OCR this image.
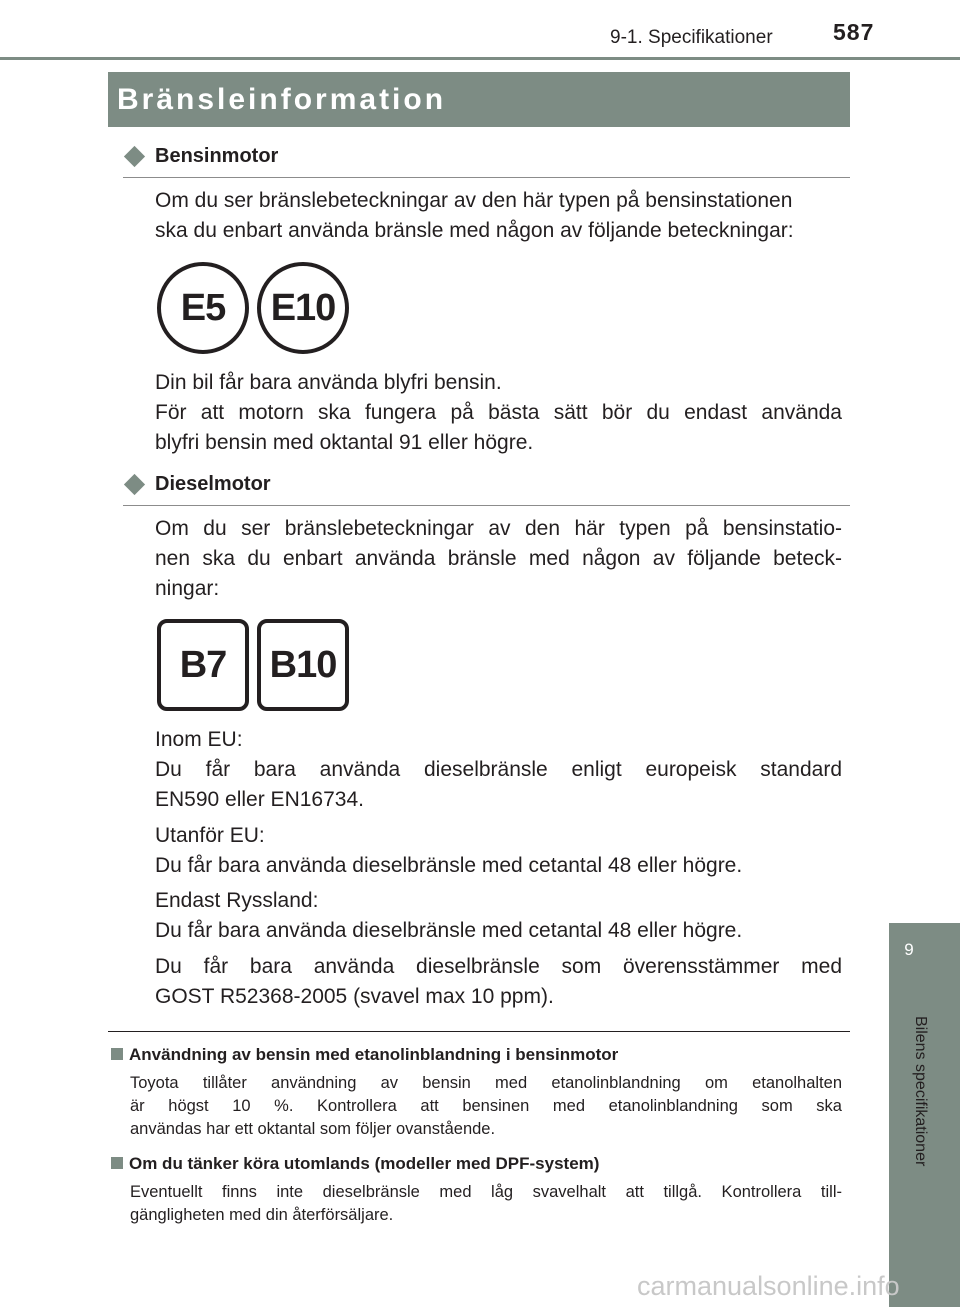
9-1. Specifikationer	587
Bränsleinformation
Bensinmotor

Om du ser bränslebeteckningar av den här typen på bensinstationen
ska du enbart använda bränsle med någon av följande beteckningar:

E5	E10

Din bil får bara använda blyfri bensin.
För att motorn ska fungera på bästa sätt bör du endast använda
blyfri bensin med oktantal 91 eller högre.

Dieselmotor

Om du ser bränslebeteckningar av den här typen på bensinstatio-
nen ska du enbart använda bränsle med någon av följande beteck-
ningar:

B7	B10

Inom EU:
Du får bara använda dieselbränsle enligt europeisk standard
EN590 eller EN16734.

Utanför EU:
Du får bara använda dieselbränsle med cetantal 48 eller högre.

Endast Ryssland:
Du får bara använda dieselbränsle med cetantal 48 eller högre.

Du får bara använda dieselbränsle som överensstämmer med
GOST R52368-2005 (svavel max 10 ppm).

Användning av bensin med etanolinblandning i bensinmotor

Toyota tillåter användning av bensin med etanolinblandning om etanolhalten
är högst 10 %. Kontrollera att bensinen med etanolinblandning som ska
användas har ett oktantal som följer ovanstående.

Om du tänker köra utomlands (modeller med DPF-system)

Eventuellt finns inte dieselbränsle med låg svavelhalt att tillgå. Kontrollera till-
gängligheten med din återförsäljare.

9
Bilens specifikationer
carmanualsonline.info
